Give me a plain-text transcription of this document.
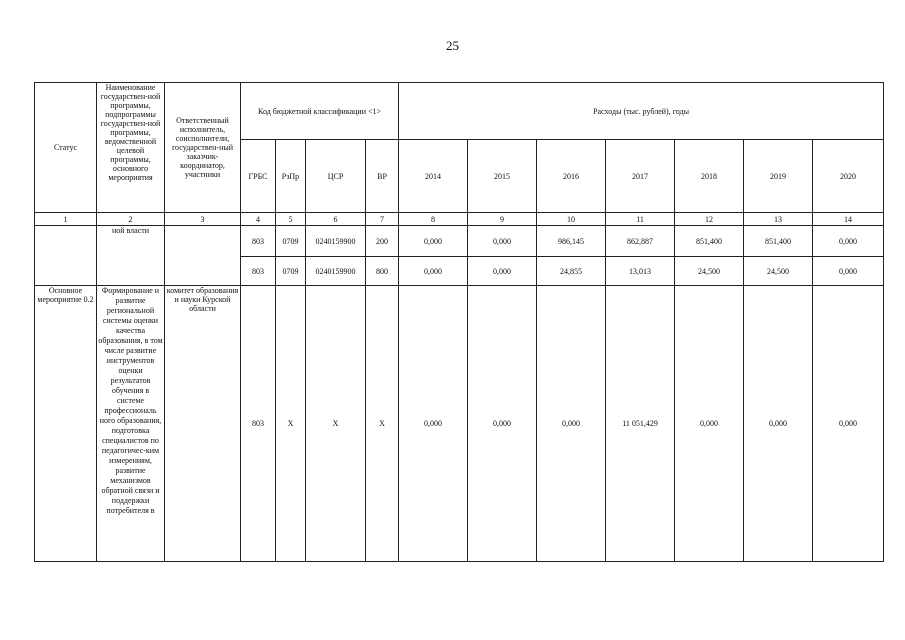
25
Статус	Наименование государствен-ной программы, подпрограммы государствен-ной программы, ведомственной целевой программы, основного мероприятия	Ответственный исполнитель, соисполнители, государствен-ный заказчик-координатор, участники	Код бюджетной классификации <1>				Расходы (тыс. рублей), годы						
			ГРБС	РзПр	ЦСР	ВР	2014	2015	2016	2017	2018	2019	2020
1	2	3	4	5	6	7	8	9	10	11	12	13	14
	ной власти		803	0709	0240159900	200	0,000	0,000	986,145	862,887	851,400	851,400	0,000
			803	0709	0240159900	800	0,000	0,000	24,855	13,013	24,500	24,500	0,000
Основное мероприятие 0.2	Формирование и развитие региональной системы оценки качества образования, в том числе развитие инструментов оценки результатов обучения в системе профессиональ ного образования, подготовка специалистов по педагогичес-ким измерениям, развитие механизмов обратной связи и поддержки потребителя в	комитет образования и науки Курской области	803	X	X	X	0,000	0,000	0,000	11 051,429	0,000	0,000	0,000
